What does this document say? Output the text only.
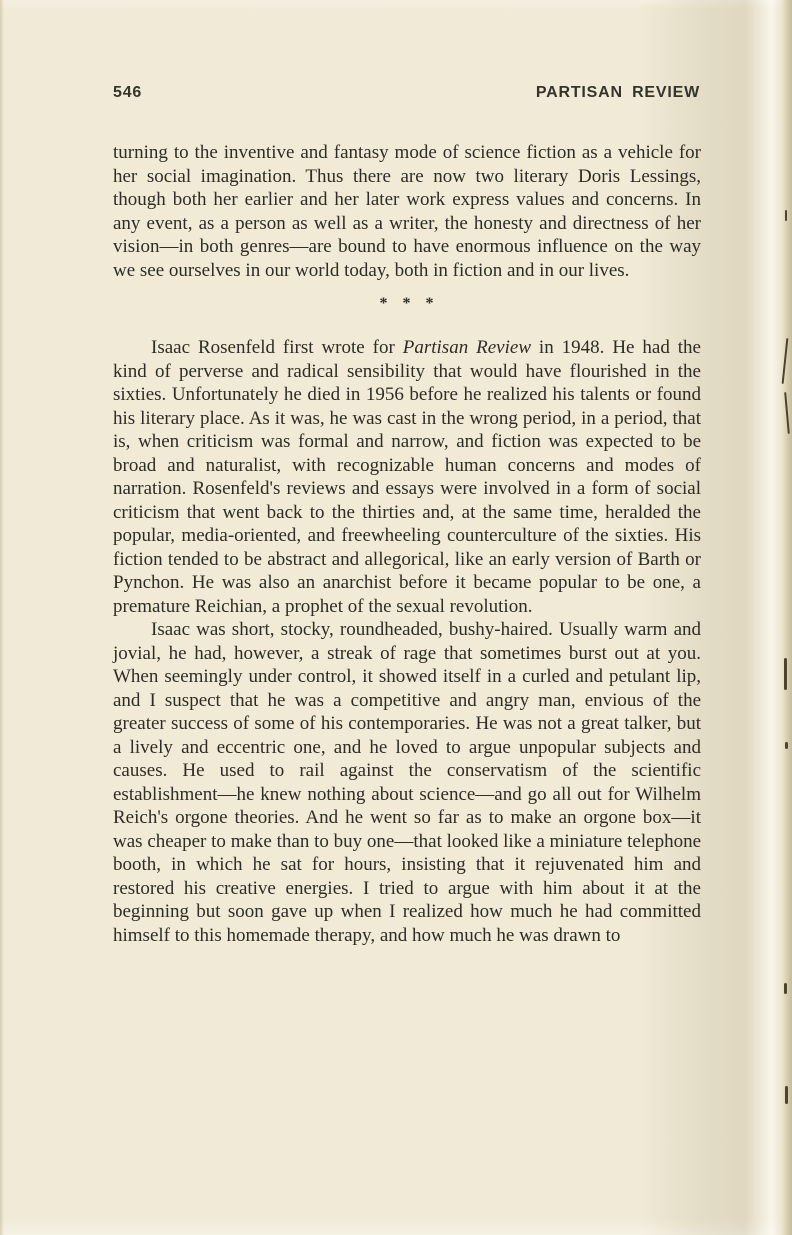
546	PARTISAN REVIEW

turning to the inventive and fantasy mode of science fiction as a vehicle for her social imagination. Thus there are now two literary Doris Lessings, though both her earlier and her later work express values and concerns. In any event, as a person as well as a writer, the honesty and directness of her vision—in both genres—are bound to have enormous influence on the way we see ourselves in our world today, both in fiction and in our lives.

* * *

Isaac Rosenfeld first wrote for Partisan Review in 1948. He had the kind of perverse and radical sensibility that would have flourished in the sixties. Unfortunately he died in 1956 before he realized his talents or found his literary place. As it was, he was cast in the wrong period, in a period, that is, when criticism was formal and narrow, and fiction was expected to be broad and naturalist, with recognizable human concerns and modes of narration. Rosenfeld's reviews and essays were involved in a form of social criticism that went back to the thirties and, at the same time, heralded the popular, media-oriented, and freewheeling counterculture of the sixties. His fiction tended to be abstract and allegorical, like an early version of Barth or Pynchon. He was also an anarchist before it became popular to be one, a premature Reichian, a prophet of the sexual revolution.

Isaac was short, stocky, roundheaded, bushy-haired. Usually warm and jovial, he had, however, a streak of rage that sometimes burst out at you. When seemingly under control, it showed itself in a curled and petulant lip, and I suspect that he was a competitive and angry man, envious of the greater success of some of his contemporaries. He was not a great talker, but a lively and eccentric one, and he loved to argue unpopular subjects and causes. He used to rail against the conservatism of the scientific establishment—he knew nothing about science—and go all out for Wilhelm Reich's orgone theories. And he went so far as to make an orgone box—it was cheaper to make than to buy one—that looked like a miniature telephone booth, in which he sat for hours, insisting that it rejuvenated him and restored his creative energies. I tried to argue with him about it at the beginning but soon gave up when I realized how much he had committed himself to this homemade therapy, and how much he was drawn to
